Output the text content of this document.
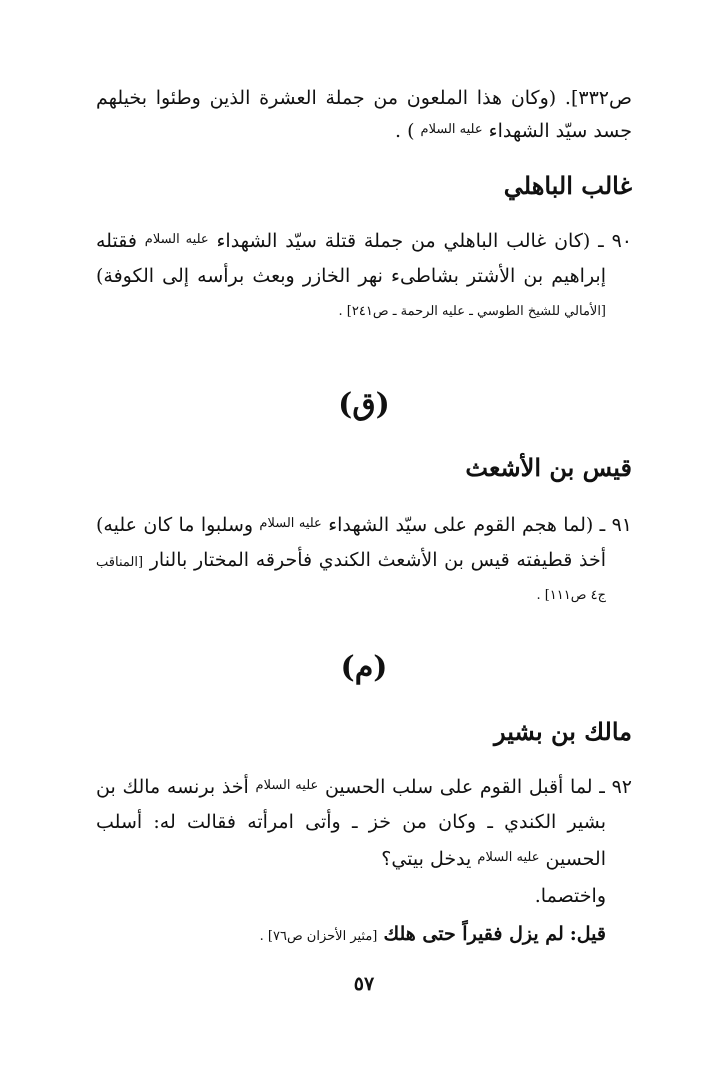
ص٣٣٢]. (وكان هذا الملعون من جملة العشرة الذين وطئوا بخيلهم
جسد سيّد الشهداء $^{عليه السلام}$ ) .
غالب الباهلي
٩٠ ـ (كان غالب الباهلي من جملة قتلة سيّد الشهداء $^{عليه السلام}$ فقتله
إبراهيم بن الأشتر بشاطىء نهر الخازر وبعث برأسه إلى الكوفة)
[الأمالي للشيخ الطوسي ـ عليه الرحمة ـ ص٢٤١] .
(ق)
قيس بن الأشعث
٩١ ـ (لما هجم القوم على سيّد الشهداء $^{عليه السلام}$ وسلبوا ما كان عليه)
أخذ قطيفته قيس بن الأشعث الكندي فأحرقه المختار بالنار [المناقب
ج٤ ص١١١] .
(م)
مالك بن بشير
٩٢ ـ لما أقبل القوم على سلب الحسين $^{عليه السلام}$ أخذ برنسه مالك بن
بشير الكندي ـ وكان من خز ـ وأتى امرأته فقالت له: أسلب
الحسين $^{عليه السلام}$ يدخل بيتي؟
واختصما.
قيل: لم يزل فقيراً حتى هلك [مثير الأحزان ص٧٦] .
٥٧
